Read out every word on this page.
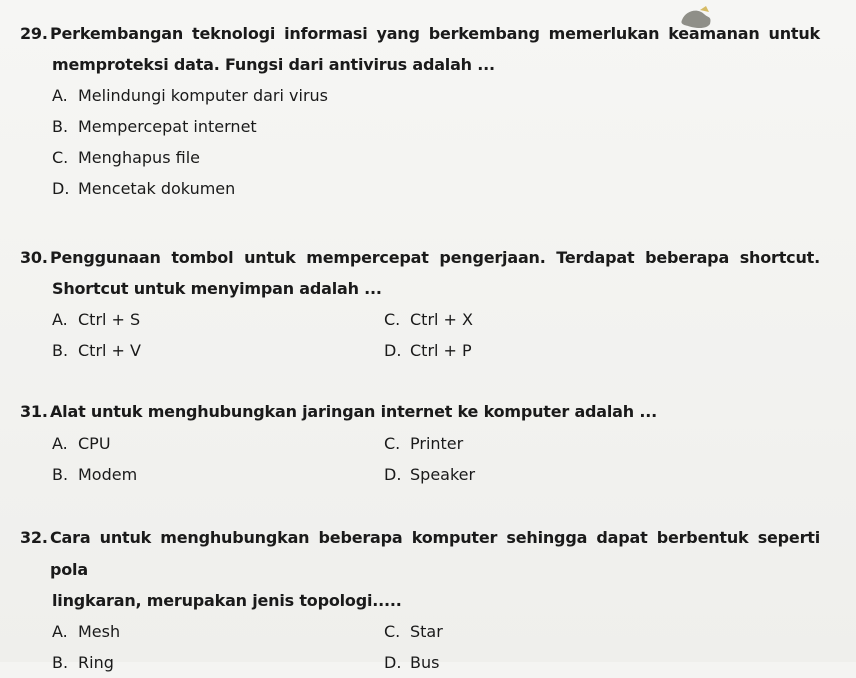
29. Perkembangan teknologi informasi yang berkembang memerlukan keamanan untuk
memproteksi data. Fungsi dari antivirus adalah ...
A. Melindungi komputer dari virus
B. Mempercepat internet
C. Menghapus file
D. Mencetak dokumen
30. Penggunaan tombol untuk mempercepat pengerjaan. Terdapat beberapa shortcut.
Shortcut untuk menyimpan adalah ...
A. Ctrl + S	C. Ctrl + X
B. Ctrl + V	D. Ctrl + P
31. Alat untuk menghubungkan jaringan internet ke komputer adalah ...
A. CPU	C. Printer
B. Modem	D. Speaker
32. Cara untuk menghubungkan beberapa komputer sehingga dapat berbentuk seperti pola
lingkaran, merupakan jenis topologi.....
A. Mesh	C. Star
B. Ring	D. Bus
